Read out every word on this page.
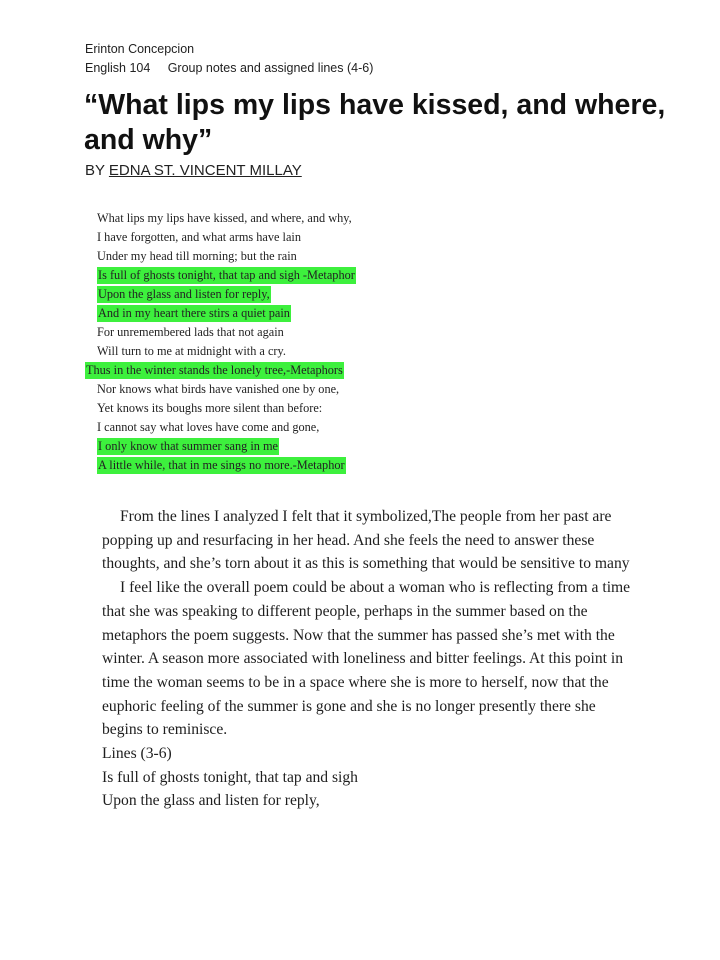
Erinton Concepcion
English 104     Group notes and assigned lines (4-6)
“What lips my lips have kissed, and where, and why”
BY EDNA ST. VINCENT MILLAY
What lips my lips have kissed, and where, and why,
I have forgotten, and what arms have lain
Under my head till morning; but the rain
Is full of ghosts tonight, that tap and sigh -Metaphor
Upon the glass and listen for reply,
And in my heart there stirs a quiet pain
For unremembered lads that not again
Will turn to me at midnight with a cry.
Thus in the winter stands the lonely tree,-Metaphors
Nor knows what birds have vanished one by one,
Yet knows its boughs more silent than before:
I cannot say what loves have come and gone,
I only know that summer sang in me
A little while, that in me sings no more.-Metaphor

From the lines I analyzed I felt that it symbolized,The people from her past are popping up and resurfacing in her head. And she feels the need to answer these thoughts, and she’s torn about it as this is something that would be sensitive to many

I feel like the overall poem could be about a woman who is reflecting from a time that she was speaking to different people, perhaps in the summer based on the metaphors the poem suggests. Now that the summer has passed she’s met with the winter. A season more associated with loneliness and bitter feelings. At this point in time the woman seems to be in a space where she is more to herself, now that the euphoric feeling of the summer is gone and she is no longer presently there she begins to reminisce.

Lines (3-6)

Is full of ghosts tonight, that tap and sigh

Upon the glass and listen for reply,
